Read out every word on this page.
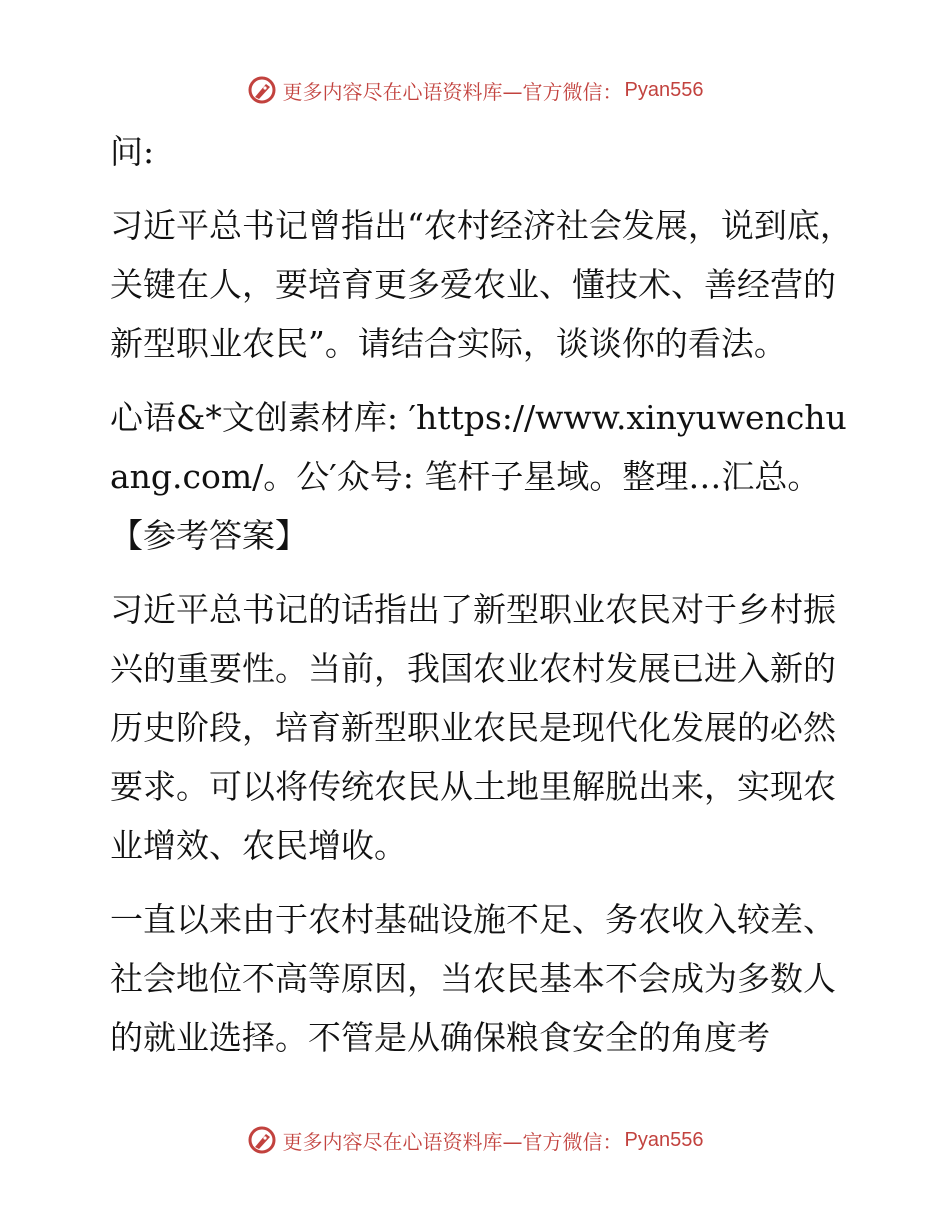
更多内容尽在心语资料库—官方微信： Pyan556

问:

习近平总书记曾指出“农村经济社会发展，说到底，关键在人，要培育更多爱农业、懂技术、善经营的新型职业农民”。请结合实际，谈谈你的看法。

心语&*文创素材库: ′https://www.xinyuwenchuang.com/。公′众号: 笔杆子星域。整理…汇总。【参考答案】

习近平总书记的话指出了新型职业农民对于乡村振兴的重要性。当前，我国农业农村发展已进入新的历史阶段，培育新型职业农民是现代化发展的必然要求。可以将传统农民从土地里解脱出来，实现农业增效、农民增收。

一直以来由于农村基础设施不足、务农收入较差、社会地位不高等原因，当农民基本不会成为多数人的就业选择。不管是从确保粮食安全的角度考

更多内容尽在心语资料库—官方微信： Pyan556
